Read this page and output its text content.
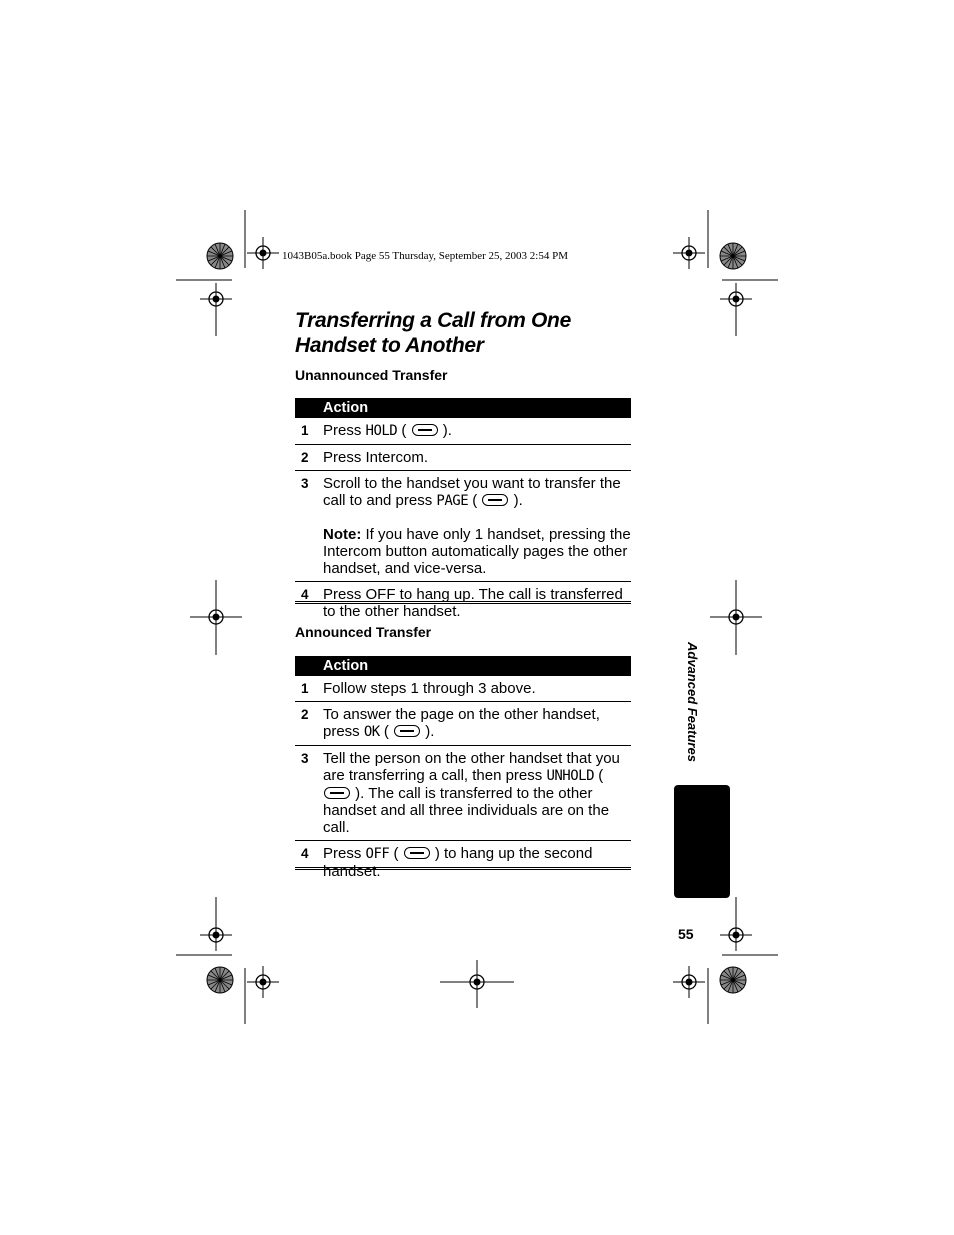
1043B05a.book Page 55 Thursday, September 25, 2003 2:54 PM
Transferring a Call from One Handset to Another
Unannounced Transfer
	Action
1	Press HOLD (  ).
2	Press Intercom.
3	Scroll to the handset you want to transfer the call to and press PAGE (  ).
Note: If you have only 1 handset, pressing the Intercom button automatically pages the other handset, and vice-versa.

4	Press OFF to hang up. The call is transferred to the other handset.
Announced Transfer
	Action
1	Follow steps 1 through 3 above.
2	To answer the page on the other handset, press OK (  ).
3	Tell the person on the other handset that you are transferring a call, then press UNHOLD (  ). The call is transferred to the other handset and all three individuals are on the call.
4	Press OFF (  ) to hang up the second handset.
Advanced Features
55
